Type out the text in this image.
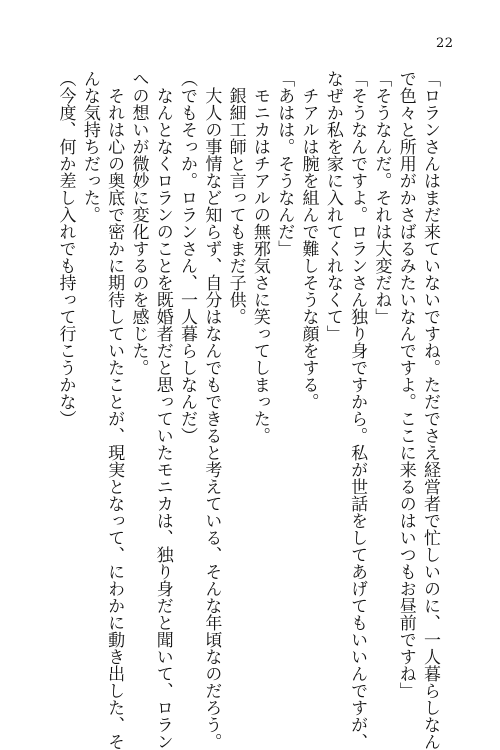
22
「ロランさんはまだ来ていないですね。ただでさえ経営者で忙しいのに、一人暮らしなん
で色々と所用がかさばるみたいなんですよ。ここに来るのはいつもお昼前ですね」
「そうなんだ。それは大変だね」
「そうなんですよ。ロランさん独り身ですから。私が世話をしてあげてもいいんですが、
なぜか私を家に入れてくれなくて」
　チアルは腕を組んで難しそうな顔をする。
「あはは。そうなんだ」
　モニカはチアルの無邪気さに笑ってしまった。
　銀細工師と言ってもまだ子供。
　大人の事情など知らず、自分はなんでもできると考えている、そんな年頃なのだろう。
（でもそっか。ロランさん、一人暮らしなんだ）
　なんとなくロランのことを既婚者だと思っていたモニカは、独り身だと聞いて、ロラン
への想いが微妙に変化するのを感じた。
　それは心の奥底で密かに期待していたことが、現実となって、にわかに動き出した、そ
んな気持ちだった。
（今度、何か差し入れでも持って行こうかな）
